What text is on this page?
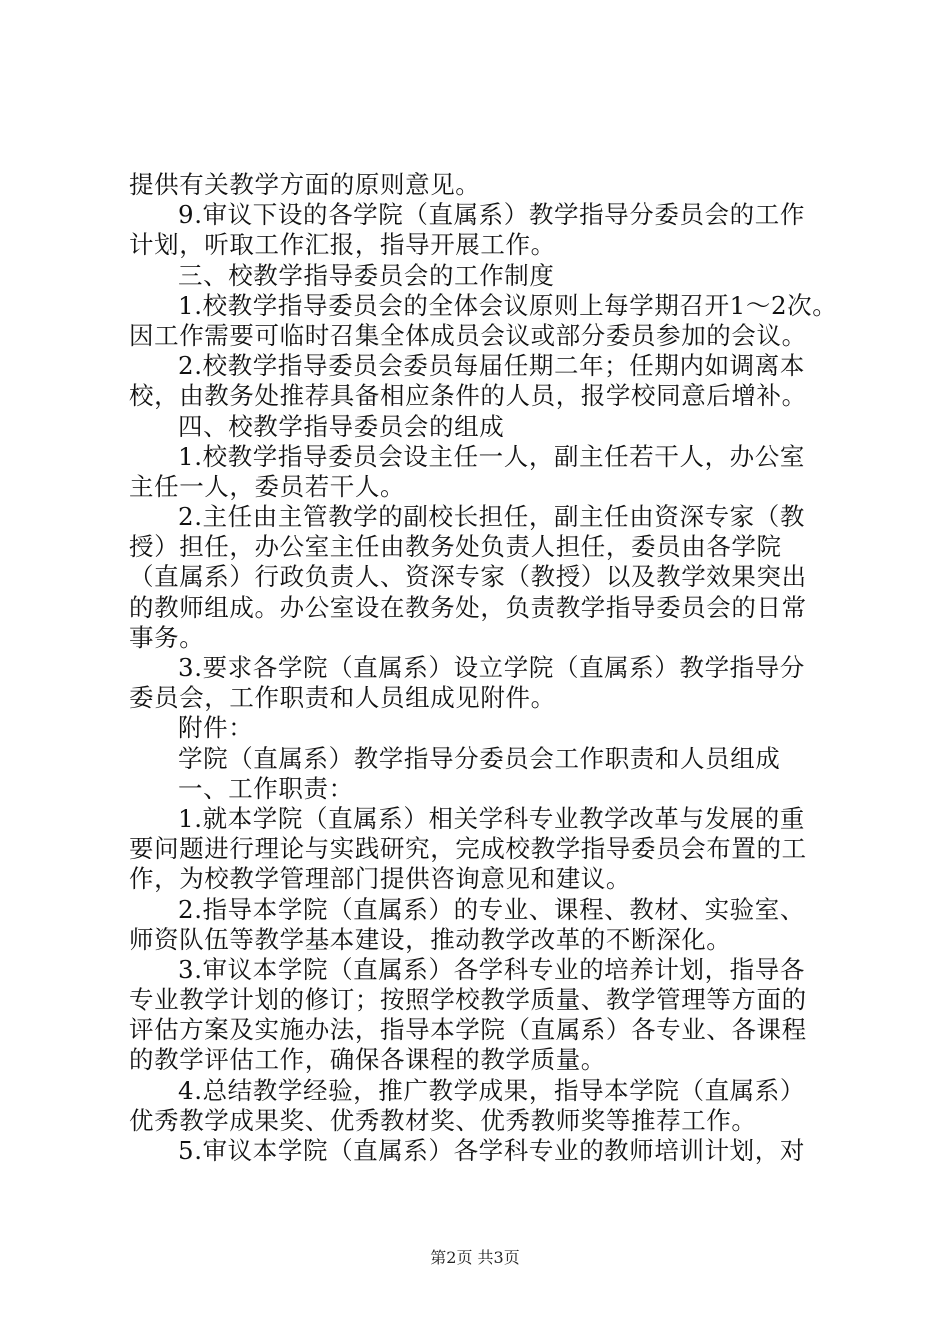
提供有关教学方面的原则意见。
9.审议下设的各学院（直属系）教学指导分委员会的工作
计划，听取工作汇报，指导开展工作。
三、校教学指导委员会的工作制度
1.校教学指导委员会的全体会议原则上每学期召开1～2次。
因工作需要可临时召集全体成员会议或部分委员参加的会议。
2.校教学指导委员会委员每届任期二年；任期内如调离本
校，由教务处推荐具备相应条件的人员，报学校同意后增补。
四、校教学指导委员会的组成
1.校教学指导委员会设主任一人，副主任若干人，办公室
主任一人，委员若干人。
2.主任由主管教学的副校长担任，副主任由资深专家（教
授）担任，办公室主任由教务处负责人担任，委员由各学院
（直属系）行政负责人、资深专家（教授）以及教学效果突出
的教师组成。办公室设在教务处，负责教学指导委员会的日常
事务。
3.要求各学院（直属系）设立学院（直属系）教学指导分
委员会，工作职责和人员组成见附件。
附件：
学院（直属系）教学指导分委员会工作职责和人员组成
一、工作职责：
1.就本学院（直属系）相关学科专业教学改革与发展的重
要问题进行理论与实践研究，完成校教学指导委员会布置的工
作，为校教学管理部门提供咨询意见和建议。
2.指导本学院（直属系）的专业、课程、教材、实验室、
师资队伍等教学基本建设，推动教学改革的不断深化。
3.审议本学院（直属系）各学科专业的培养计划，指导各
专业教学计划的修订；按照学校教学质量、教学管理等方面的
评估方案及实施办法，指导本学院（直属系）各专业、各课程
的教学评估工作，确保各课程的教学质量。
4.总结教学经验，推广教学成果，指导本学院（直属系）
优秀教学成果奖、优秀教材奖、优秀教师奖等推荐工作。
5.审议本学院（直属系）各学科专业的教师培训计划，对
第2页 共3页
